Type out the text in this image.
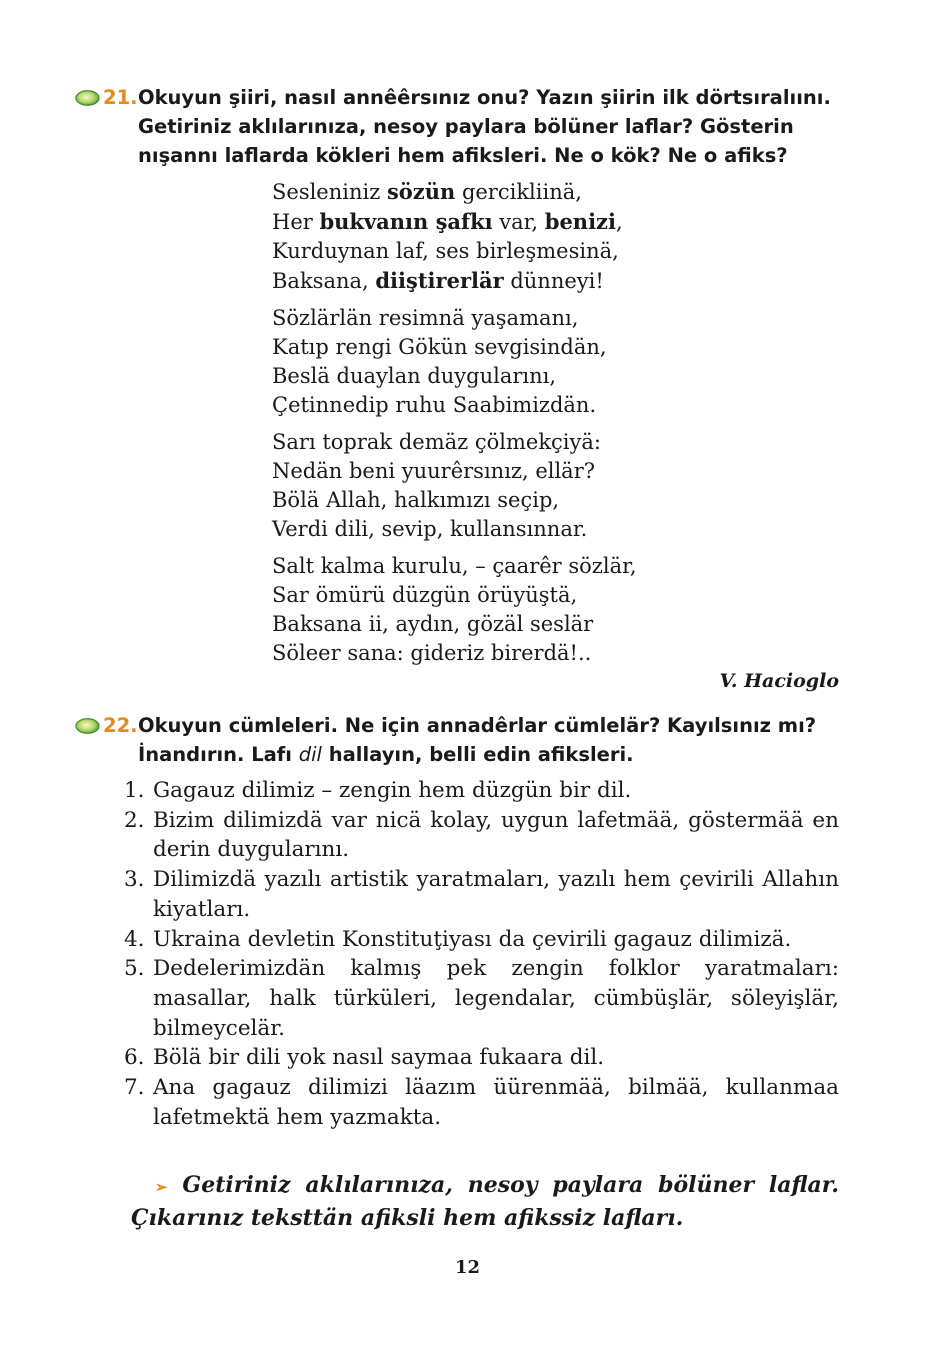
21. Okuyun şiiri, nasıl annêêrsınız onu? Yazın şiirin ilk dörtsıralıını.
Getiriniz aklılarınıza, nesoy paylara bölüner laflar? Gösterin
nışannı laflarda kökleri hem afiksleri. Ne o kök? Ne o afiks?
Sesleniniz sözün gercikliinä,
Her bukvanın şafkı var, benizi,
Kurduynan laf, ses birleşmesinä,
Baksana, diiştirerlär dünneyi!
Sözlärlän resimnä yaşamanı,
Katıp rengi Gökün sevgisindän,
Beslä duaylan duygularını,
Çetinnedip ruhu Saabimizdän.
Sarı toprak demäz çölmekçiyä:
Nedän beni yuurêrsınız, ellär?
Bölä Allah, halkımızı seçip,
Verdi dili, sevip, kullansınnar.
Salt kalma kurulu, – çaarêr sözlär,
Sar ömürü düzgün örüyüştä,
Baksana ii, aydın, gözäl seslär
Söleer sana: gideriz birerdä!..
V. Hacioglo
22. Okuyun cümleleri. Ne için annadêrlar cümlelär? Kayılsınız mı?
İnandırın. Lafı dil hallayın, belli edin afiksleri.
1. Gagauz dilimiz – zengin hem düzgün bir dil.
2. Bizim dilimizdä var nicä kolay, uygun lafetmää, göstermää en derin duygularını.
3. Dilimizdä yazılı artistik yaratmaları, yazılı hem çevirili Allahın kiyatları.
4. Ukraina devletin Konstituţiyası da çevirili gagauz dilimizä.
5. Dedelerimizdän kalmış pek zengin folklor yaratmaları: masallar, halk türküleri, legendalar, cümbüşlär, söleyişlär, bilmeycelär.
6. Bölä bir dili yok nasıl saymaa fukaara dil.
7. Ana gagauz dilimizi läazım üürenmää, bilmää, kullanmaa lafetmektä hem yazmakta.
➢ Getiriniz aklılarınıza, nesoy paylara bölüner laflar. Çıkarınız teksttän afiksli hem afikssiz lafları.
12
